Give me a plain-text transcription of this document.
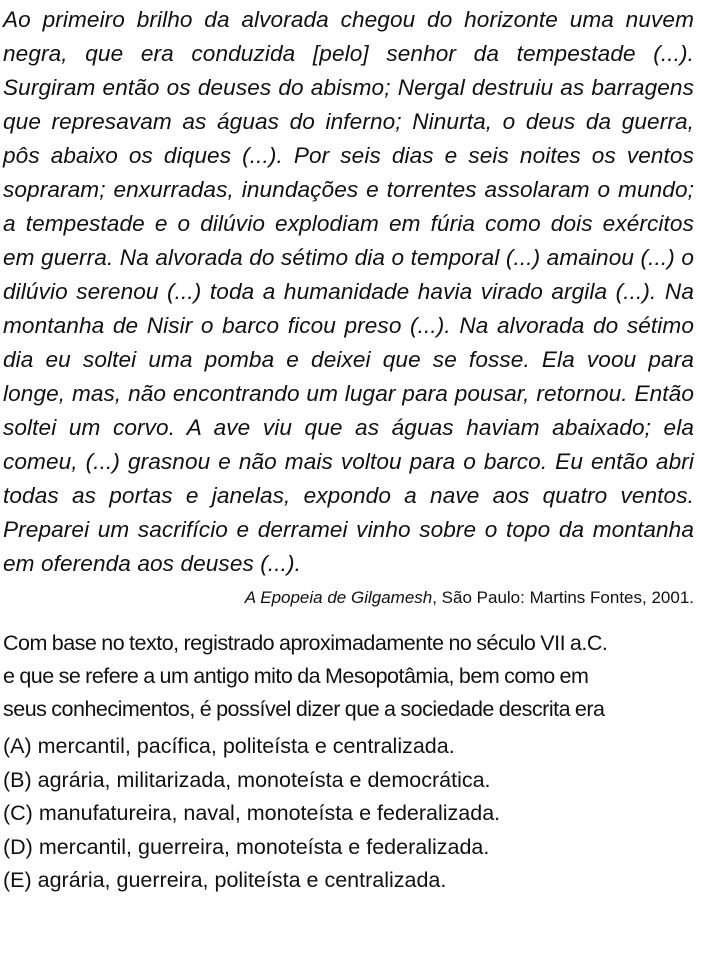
Ao primeiro brilho da alvorada chegou do horizonte uma nuvem negra, que era conduzida [pelo] senhor da tempestade (...). Surgiram então os deuses do abismo; Nergal destruiu as barragens que represavam as águas do inferno; Ninurta, o deus da guerra, pôs abaixo os diques (...). Por seis dias e seis noites os ventos sopraram; enxurradas, inundações e torrentes assolaram o mundo; a tempestade e o dilúvio explodiam em fúria como dois exércitos em guerra. Na alvorada do sétimo dia o temporal (...) amainou (...) o dilúvio serenou (...) toda a humanidade havia virado argila (...). Na montanha de Nisir o barco ficou preso (...). Na alvorada do sétimo dia eu soltei uma pomba e deixei que se fosse. Ela voou para longe, mas, não encontrando um lugar para pousar, retornou. Então soltei um corvo. A ave viu que as águas haviam abaixado; ela comeu, (...) grasnou e não mais voltou para o barco. Eu então abri todas as portas e janelas, expondo a nave aos quatro ventos. Preparei um sacrifício e derramei vinho sobre o topo da montanha em oferenda aos deuses (...).

A Epopeia de Gilgamesh, São Paulo: Martins Fontes, 2001.

Com base no texto, registrado aproximadamente no século VII a.C.
e que se refere a um antigo mito da Mesopotâmia, bem como em
seus conhecimentos, é possível dizer que a sociedade descrita era

(A) mercantil, pacífica, politeísta e centralizada.
(B) agrária, militarizada, monoteísta e democrática.
(C) manufatureira, naval, monoteísta e federalizada.
(D) mercantil, guerreira, monoteísta e federalizada.
(E) agrária, guerreira, politeísta e centralizada.
